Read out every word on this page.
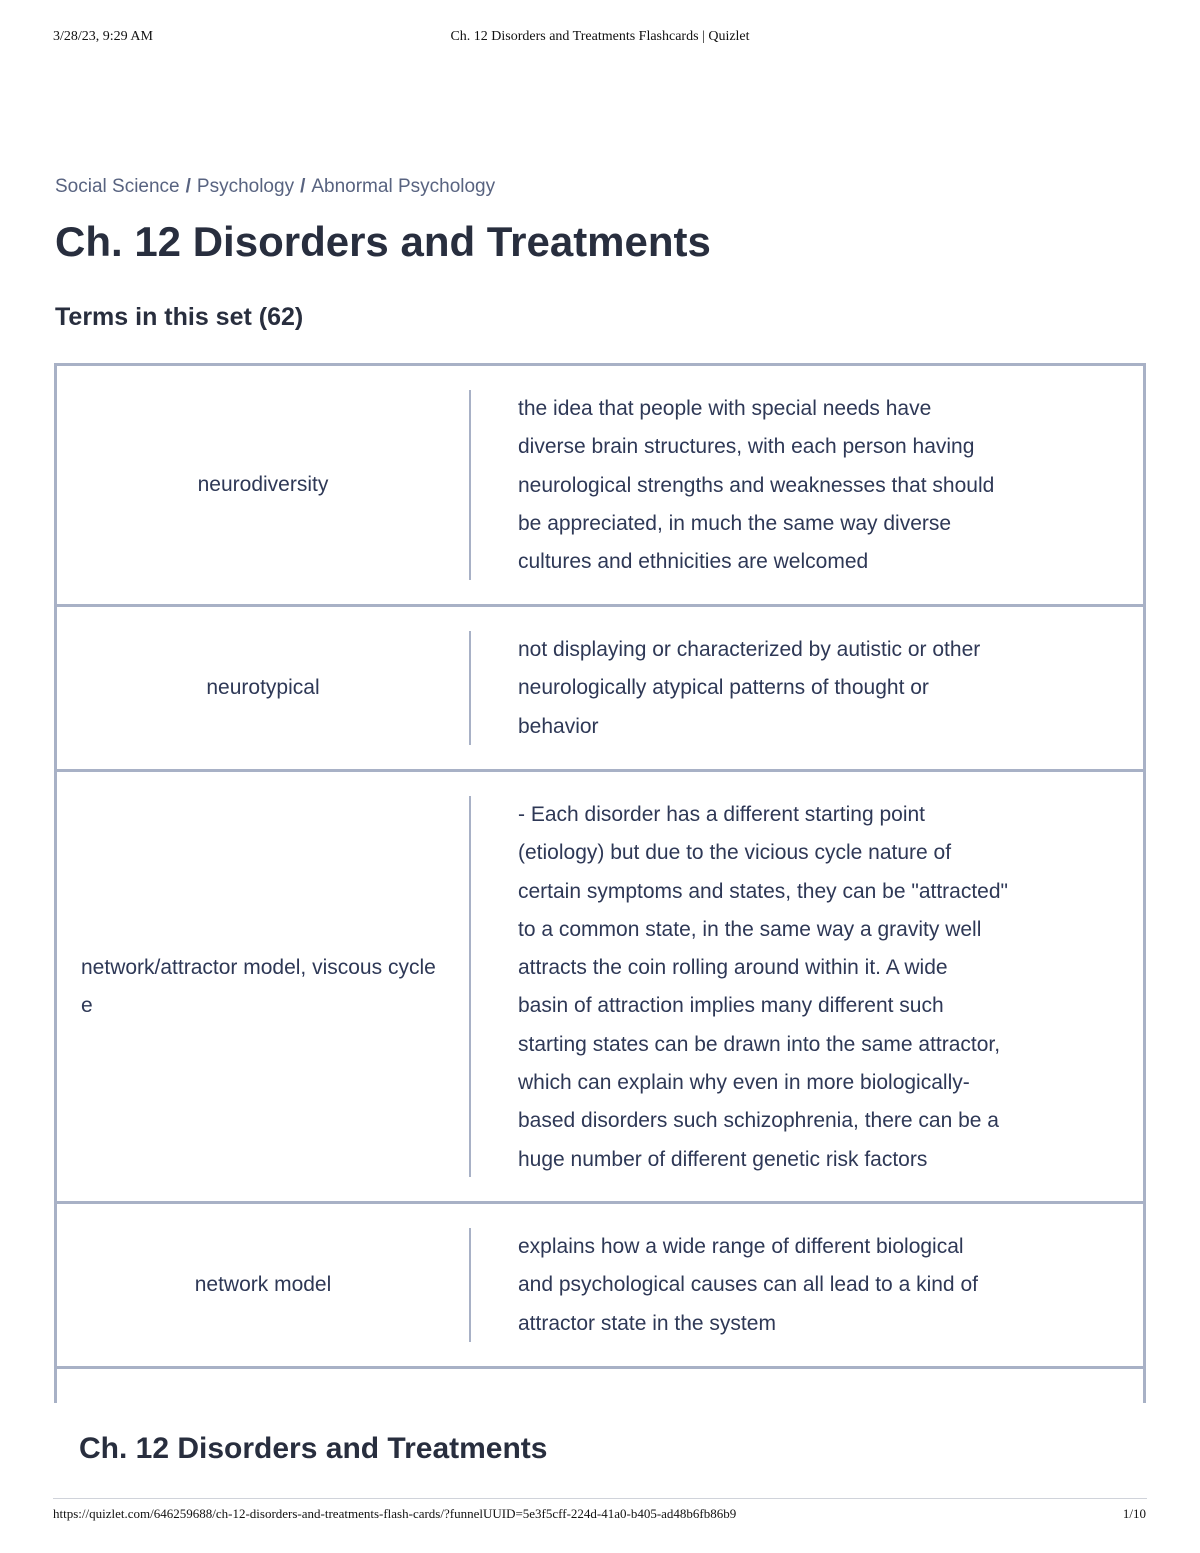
3/28/23, 9:29 AM	Ch. 12 Disorders and Treatments Flashcards | Quizlet
Social Science / Psychology / Abnormal Psychology
Ch. 12 Disorders and Treatments
Terms in this set (62)
neurodiversity
the idea that people with special needs have
diverse brain structures, with each person having
neurological strengths and weaknesses that should
be appreciated, in much the same way diverse
cultures and ethnicities are welcomed
neurotypical
not displaying or characterized by autistic or other
neurologically atypical patterns of thought or
behavior
network/attractor model, viscous cycle e
- Each disorder has a different starting point
(etiology) but due to the vicious cycle nature of
certain symptoms and states, they can be "attracted"
to a common state, in the same way a gravity well
attracts the coin rolling around within it. A wide
basin of attraction implies many different such
starting states can be drawn into the same attractor,
which can explain why even in more biologically-
based disorders such schizophrenia, there can be a
huge number of different genetic risk factors
network model
explains how a wide range of different biological
and psychological causes can all lead to a kind of
attractor state in the system
Ch. 12 Disorders and Treatments
https://quizlet.com/646259688/ch-12-disorders-and-treatments-flash-cards/?funnelUUID=5e3f5cff-224d-41a0-b405-ad48b6fb86b9	1/10
